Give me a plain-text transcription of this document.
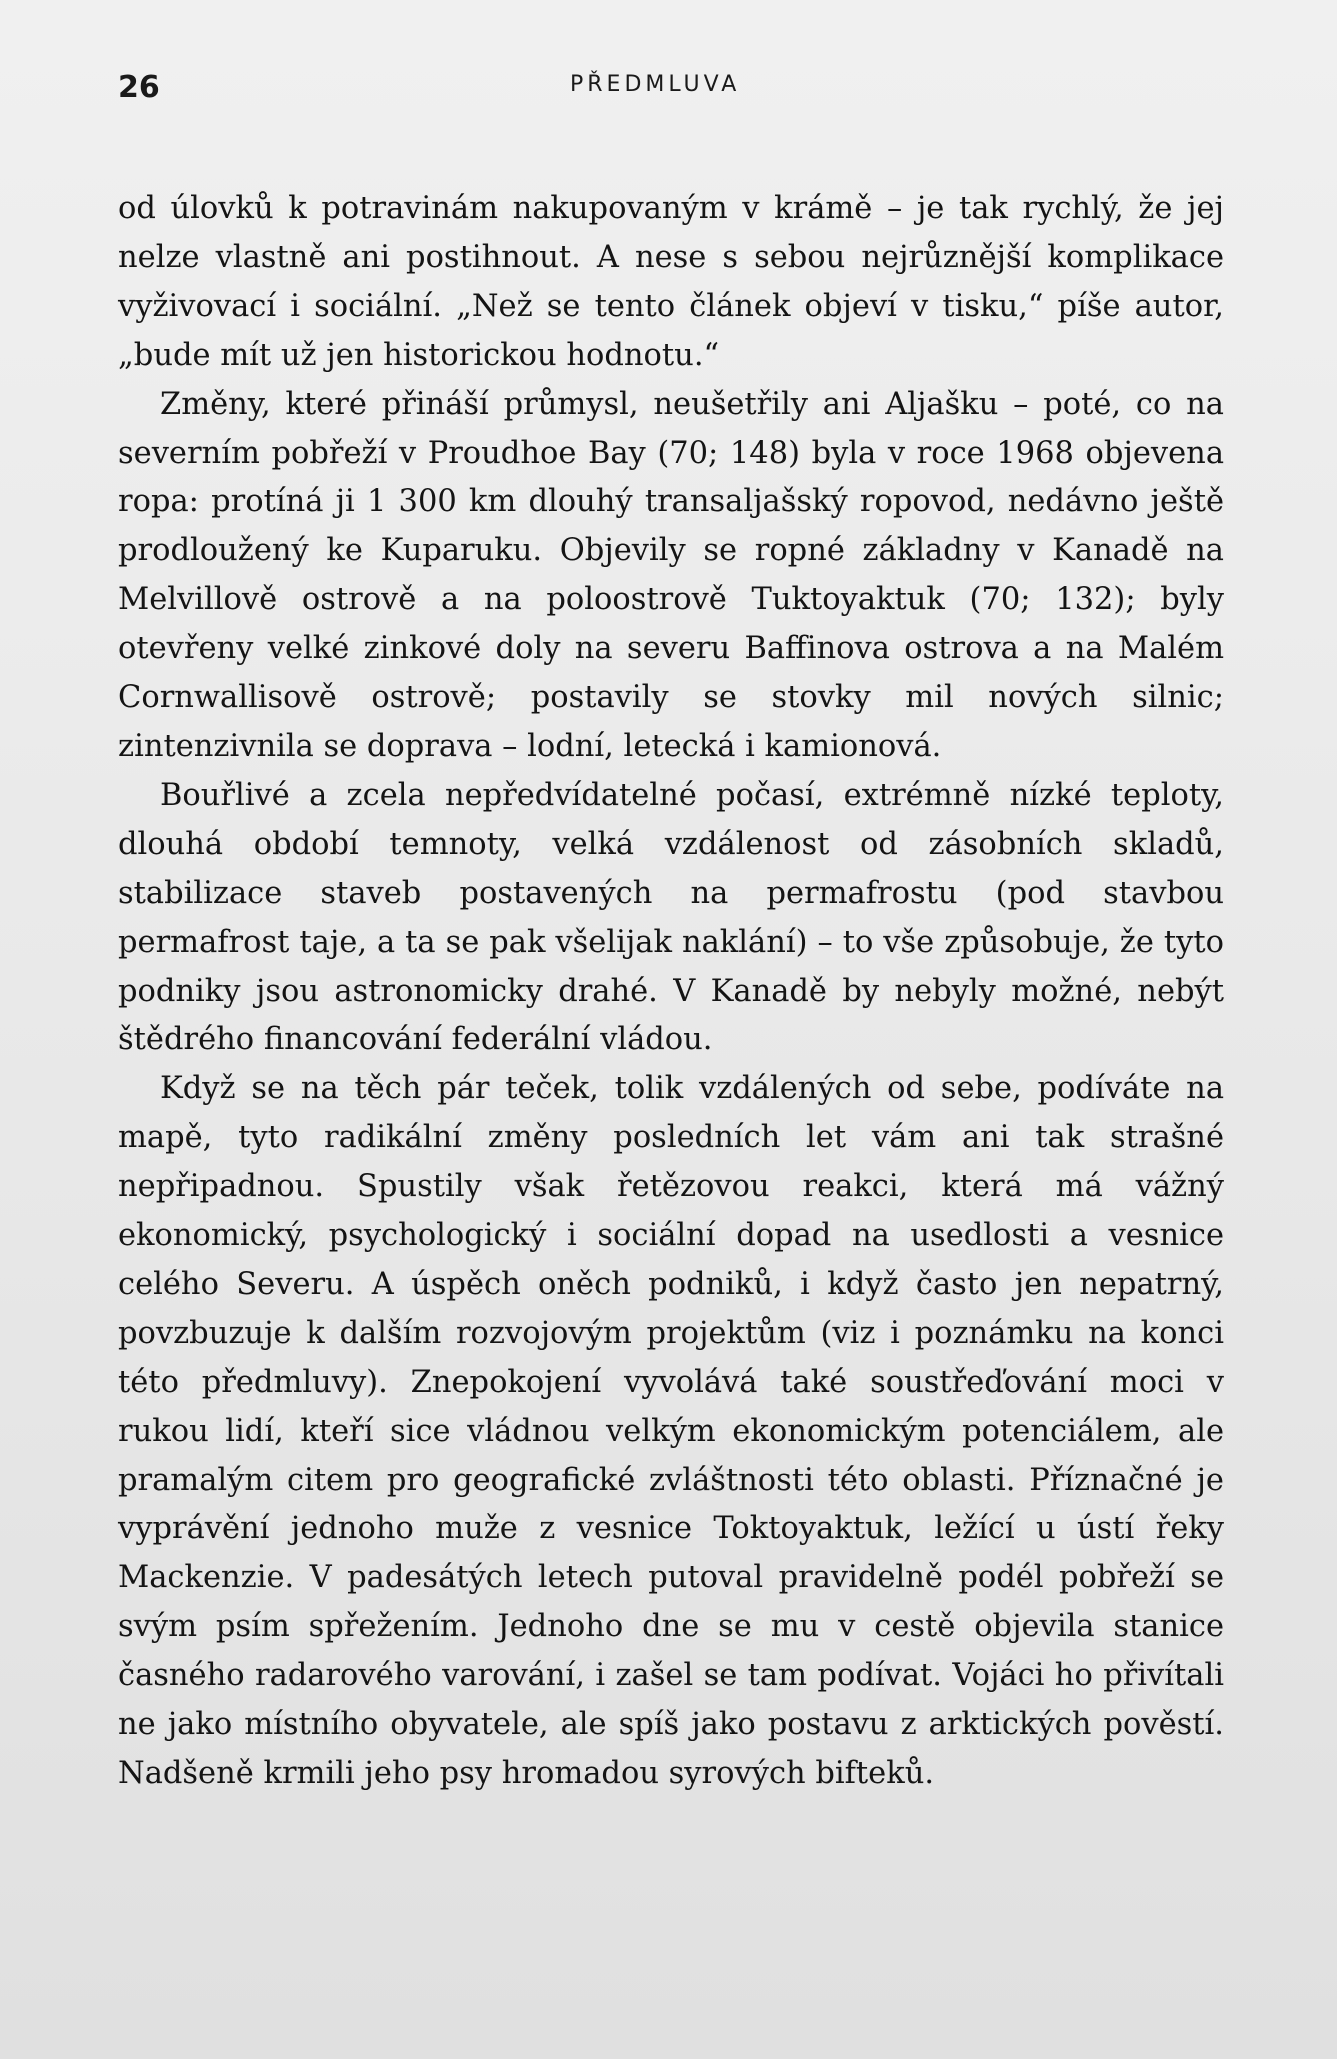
26	PŘEDMLUVA

od úlovků k potravinám nakupovaným v krámě – je tak rychlý, že jej nelze vlastně ani postihnout. A nese s sebou nejrůznější komplikace vyživovací i sociální. „Než se tento článek objeví v tisku,“ píše autor, „bude mít už jen historickou hodnotu.“

Změny, které přináší průmysl, neušetřily ani Aljašku – poté, co na severním pobřeží v Proudhoe Bay (70; 148) byla v roce 1968 objevena ropa: protíná ji 1 300 km dlouhý transaljašský ropovod, nedávno ještě prodloužený ke Kuparuku. Objevily se ropné základny v Kanadě na Melvillově ostrově a na poloostrově Tuktoyaktuk (70; 132); byly otevřeny velké zinkové doly na severu Baffinova ostrova a na Malém Cornwallisově ostrově; postavily se stovky mil nových silnic; zintenzivnila se doprava – lodní, letecká i kamionová.

Bouřlivé a zcela nepředvídatelné počasí, extrémně nízké teploty, dlouhá období temnoty, velká vzdálenost od zásobních skladů, stabilizace staveb postavených na permafrostu (pod stavbou permafrost taje, a ta se pak všelijak naklání) – to vše způsobuje, že tyto podniky jsou astronomicky drahé. V Kanadě by nebyly možné, nebýt štědrého financování federální vládou.

Když se na těch pár teček, tolik vzdálených od sebe, podíváte na mapě, tyto radikální změny posledních let vám ani tak strašné nepřipadnou. Spustily však řetězovou reakci, která má vážný ekonomický, psychologický i sociální dopad na usedlosti a vesnice celého Severu. A úspěch oněch podniků, i když často jen nepatrný, povzbuzuje k dalším rozvojovým projektům (viz i poznámku na konci této předmluvy). Znepokojení vyvolává také soustřeďování moci v rukou lidí, kteří sice vládnou velkým ekonomickým potenciálem, ale pramalým citem pro geografické zvláštnosti této oblasti. Příznačné je vyprávění jednoho muže z vesnice Toktoyaktuk, ležící u ústí řeky Mackenzie. V padesátých letech putoval pravidelně podél pobřeží se svým psím spřežením. Jednoho dne se mu v cestě objevila stanice časného radarového varování, i zašel se tam podívat. Vojáci ho přivítali ne jako místního obyvatele, ale spíš jako postavu z arktických pověstí. Nadšeně krmili jeho psy hromadou syrových bifteků.
